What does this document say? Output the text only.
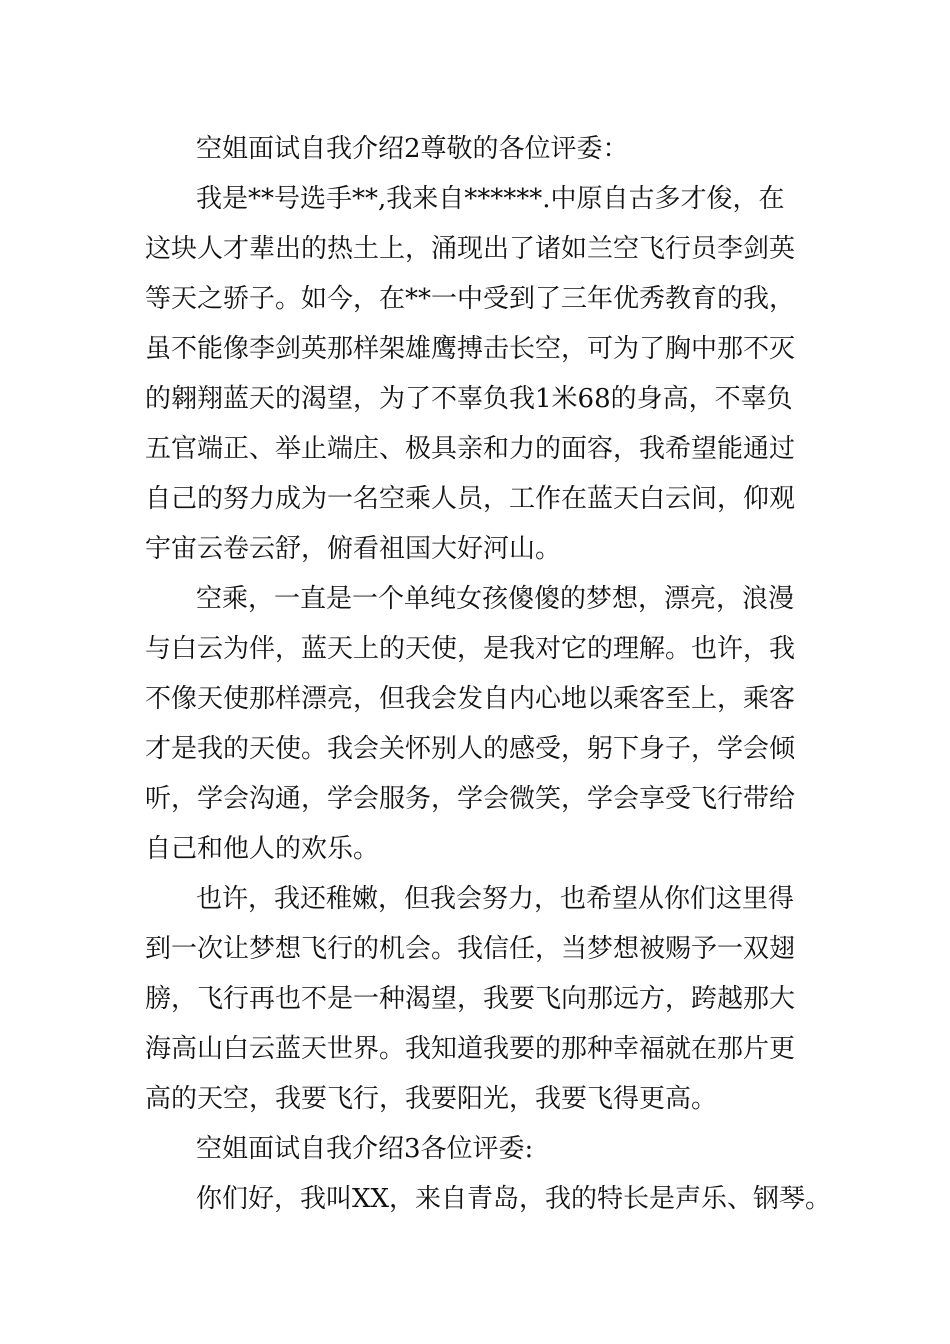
空姐面试自我介绍2尊敬的各位评委：
我是**号选手**,我来自******.中原自古多才俊，在
这块人才辈出的热土上，涌现出了诸如兰空飞行员李剑英
等天之骄子。如今，在**一中受到了三年优秀教育的我，
虽不能像李剑英那样架雄鹰搏击长空，可为了胸中那不灭
的翱翔蓝天的渴望，为了不辜负我1米68的身高，不辜负
五官端正、举止端庄、极具亲和力的面容，我希望能通过
自己的努力成为一名空乘人员，工作在蓝天白云间，仰观
宇宙云卷云舒，俯看祖国大好河山。
空乘，一直是一个单纯女孩傻傻的梦想，漂亮，浪漫
与白云为伴，蓝天上的天使，是我对它的理解。也许，我
不像天使那样漂亮，但我会发自内心地以乘客至上，乘客
才是我的天使。我会关怀别人的感受，躬下身子，学会倾
听，学会沟通，学会服务，学会微笑，学会享受飞行带给
自己和他人的欢乐。
也许，我还稚嫩，但我会努力，也希望从你们这里得
到一次让梦想飞行的机会。我信任，当梦想被赐予一双翅
膀，飞行再也不是一种渴望，我要飞向那远方，跨越那大
海高山白云蓝天世界。我知道我要的那种幸福就在那片更
高的天空，我要飞行，我要阳光，我要飞得更高。
空姐面试自我介绍3各位评委:
你们好，我叫XX，来自青岛，我的特长是声乐、钢琴。
